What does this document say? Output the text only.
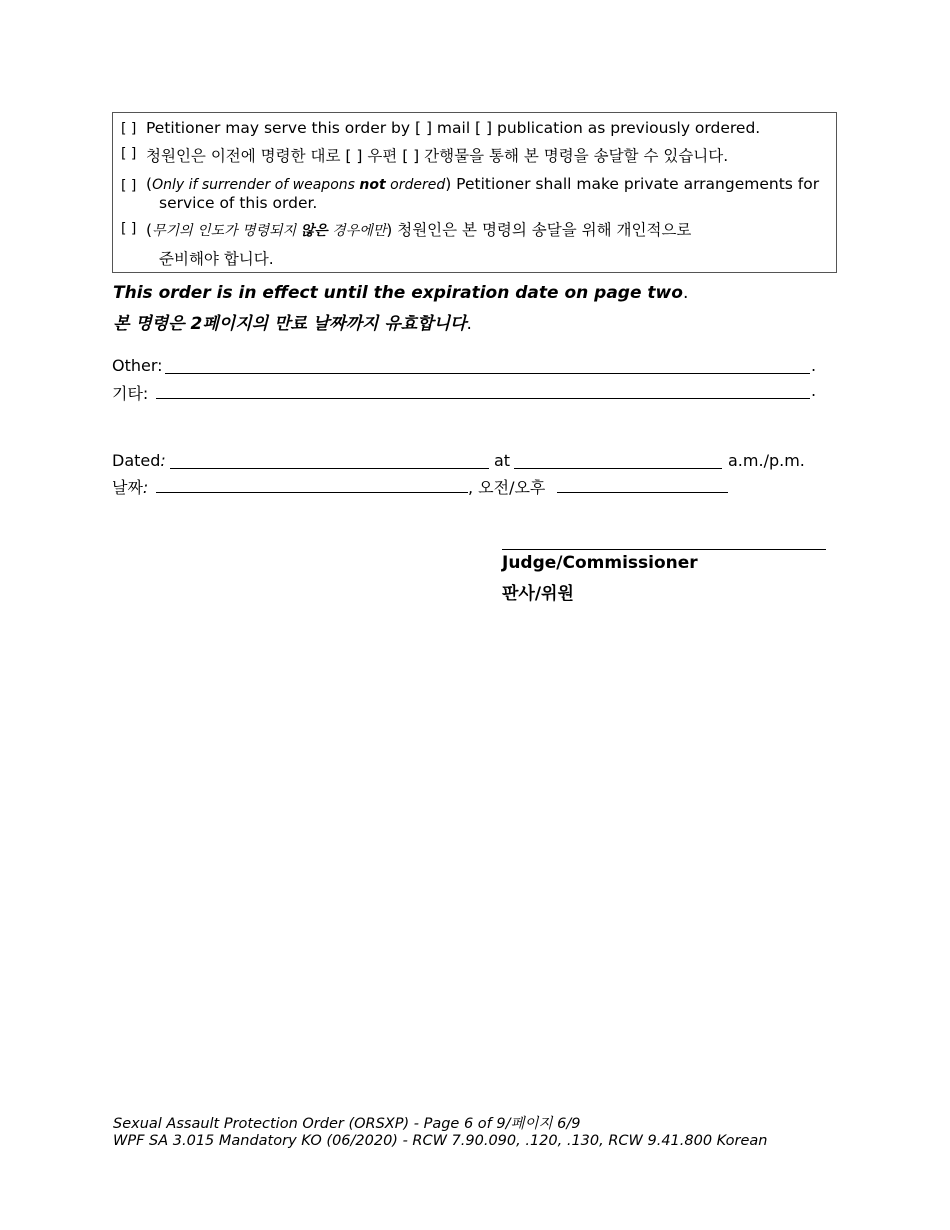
[ ] Petitioner may serve this order by [ ] mail [ ] publication as previously ordered.
[ ] 청원인은 이전에 명령한 대로 [ ] 우편 [ ] 간행물을 통해 본 명령을 송달할 수 있습니다.
[ ] (Only if surrender of weapons not ordered) Petitioner shall make private arrangements for
service of this order.
[ ] (무기의 인도가 명령되지 않은 경우에만) 청원인은 본 명령의 송달을 위해 개인적으로
준비해야 합니다.
This order is in effect until the expiration date on page two.
본 명령은 2페이지의 만료 날짜까지 유효합니다.
Other:	.
기타:	.
Dated:	at	a.m./p.m.
날짜:	, 오전/오후
Judge/Commissioner
판사/위원
Sexual Assault Protection Order (ORSXP) - Page 6 of 9/페이지 6/9
WPF SA 3.015 Mandatory KO (06/2020) - RCW 7.90.090, .120, .130, RCW 9.41.800 Korean
